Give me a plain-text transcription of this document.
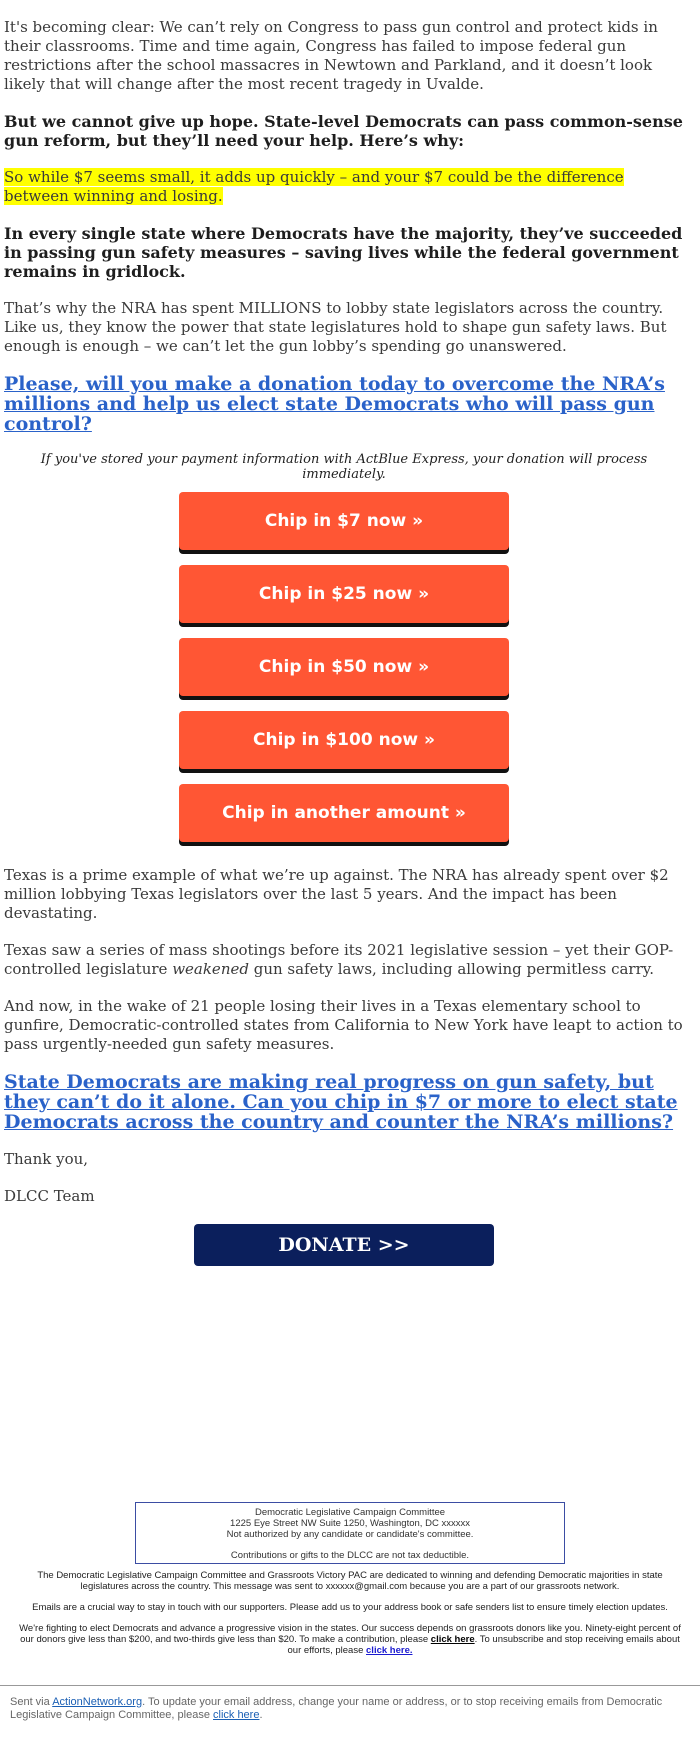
It's becoming clear: We can’t rely on Congress to pass gun control and protect kids in their classrooms. Time and time again, Congress has failed to impose federal gun restrictions after the school massacres in Newtown and Parkland, and it doesn’t look likely that will change after the most recent tragedy in Uvalde.

But we cannot give up hope. State-level Democrats can pass common-sense gun reform, but they’ll need your help. Here’s why:

So while $7 seems small, it adds up quickly – and your $7 could be the difference between winning and losing.

In every single state where Democrats have the majority, they’ve succeeded in passing gun safety measures – saving lives while the federal government remains in gridlock.

That’s why the NRA has spent MILLIONS to lobby state legislators across the country. Like us, they know the power that state legislatures hold to shape gun safety laws. But enough is enough – we can’t let the gun lobby’s spending go unanswered.

Please, will you make a donation today to overcome the NRA’s millions and help us elect state Democrats who will pass gun control?
If you've stored your payment information with ActBlue Express, your donation will process immediately.
Chip in $7 now »
Chip in $25 now »
Chip in $50 now »
Chip in $100 now »
Chip in another amount »

Texas is a prime example of what we’re up against. The NRA has already spent over $2 million lobbying Texas legislators over the last 5 years. And the impact has been devastating.

Texas saw a series of mass shootings before its 2021 legislative session – yet their GOP-controlled legislature weakened gun safety laws, including allowing permitless carry.

And now, in the wake of 21 people losing their lives in a Texas elementary school to gunfire, Democratic-controlled states from California to New York have leapt to action to pass urgently-needed gun safety measures.

State Democrats are making real progress on gun safety, but they can’t do it alone. Can you chip in $7 or more to elect state Democrats across the country and counter the NRA’s millions?

Thank you,

DLCC Team

DONATE >>
Democratic Legislative Campaign Committee
1225 Eye Street NW Suite 1250, Washington, DC xxxxxx
Not authorized by any candidate or candidate's committee.
Contributions or gifts to the DLCC are not tax deductible.
The Democratic Legislative Campaign Committee and Grassroots Victory PAC are dedicated to winning and defending Democratic majorities in state legislatures across the country. This message was sent to xxxxxx@gmail.com because you are a part of our grassroots network.
Emails are a crucial way to stay in touch with our supporters. Please add us to your address book or safe senders list to ensure timely election updates.
We're fighting to elect Democrats and advance a progressive vision in the states. Our success depends on grassroots donors like you. Ninety-eight percent of our donors give less than $200, and two-thirds give less than $20. To make a contribution, please click here. To unsubscribe and stop receiving emails about our efforts, please click here.
Sent via ActionNetwork.org. To update your email address, change your name or address, or to stop receiving emails from Democratic Legislative Campaign Committee, please click here.
